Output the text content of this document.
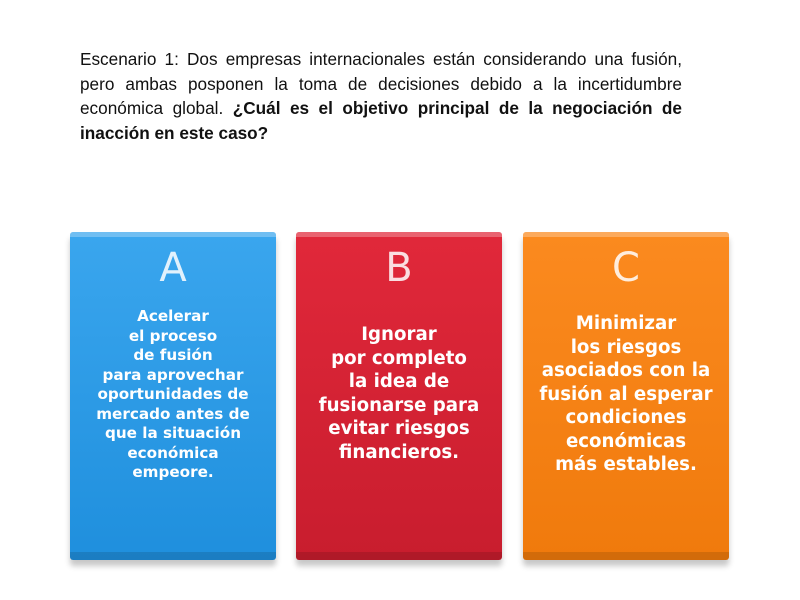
Escenario 1: Dos empresas internacionales están considerando una fusión, pero ambas posponen la toma de decisiones debido a la incertidumbre económica global. ¿Cuál es el objetivo principal de la negociación de inacción en este caso?
A
Acelerar
el proceso
de fusión
para aprovechar
oportunidades de
mercado antes de
que la situación
económica
empeore.
B
Ignorar
por completo
la idea de
fusionarse para
evitar riesgos
financieros.
C
Minimizar
los riesgos
asociados con la
fusión al esperar
condiciones
económicas
más estables.
